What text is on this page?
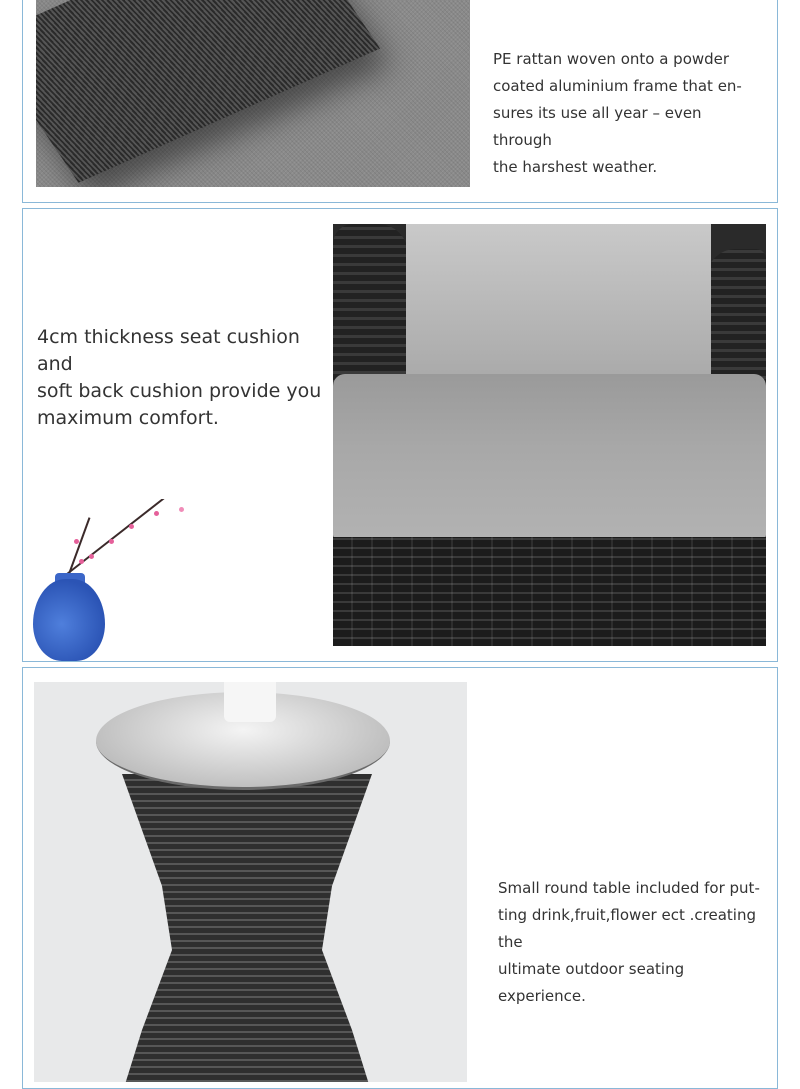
PE rattan woven onto a powder
coated aluminium frame that en-
sures its use all year – even through
the harshest weather.
4cm thickness seat cushion and
soft back cushion provide you
maximum comfort.
Small round table included for put-
ting drink,fruit,flower ect .creating the
ultimate outdoor seating experience.
